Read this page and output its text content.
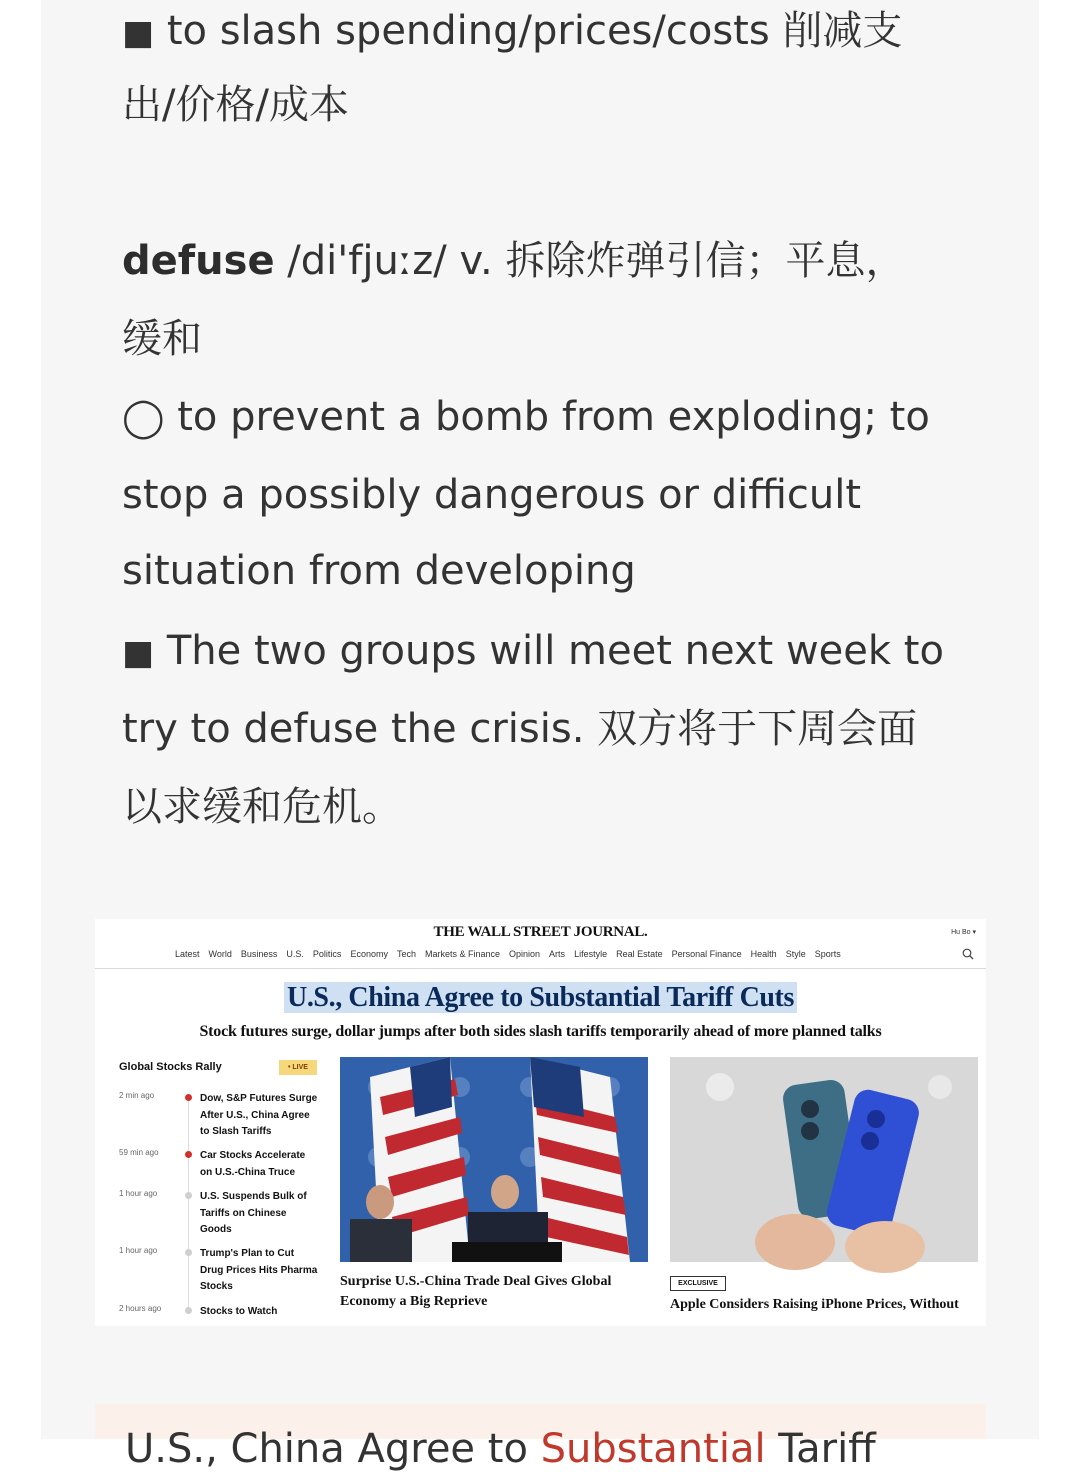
■ to slash spending/prices/costs 削减支
出/价格/成本
defuse /di'fjuːz/ v. 拆除炸弹引信；平息，
缓和
◯ to prevent a bomb from exploding; to
stop a possibly dangerous or difficult
situation from developing
■ The two groups will meet next week to
try to defuse the crisis. 双方将于下周会面
以求缓和危机。
THE WALL STREET JOURNAL.	Hu Bo ▾
Latest World Business U.S. Politics Economy Tech Markets & Finance Opinion Arts Lifestyle Real Estate Personal Finance Health Style Sports
U.S., China Agree to Substantial Tariff Cuts
Stock futures surge, dollar jumps after both sides slash tariffs temporarily ahead of more planned talks
Global Stocks Rally	• LIVE
2 min ago	Dow, S&P Futures Surge After U.S., China Agree to Slash Tariffs
59 min ago	Car Stocks Accelerate on U.S.-China Truce
1 hour ago	U.S. Suspends Bulk of Tariffs on Chinese Goods
1 hour ago	Trump's Plan to Cut Drug Prices Hits Pharma Stocks
2 hours ago	Stocks to Watch
Surprise U.S.-China Trade Deal Gives Global Economy a Big Reprieve
EXCLUSIVE
Apple Considers Raising iPhone Prices, Without
U.S., China Agree to Substantial Tariff
